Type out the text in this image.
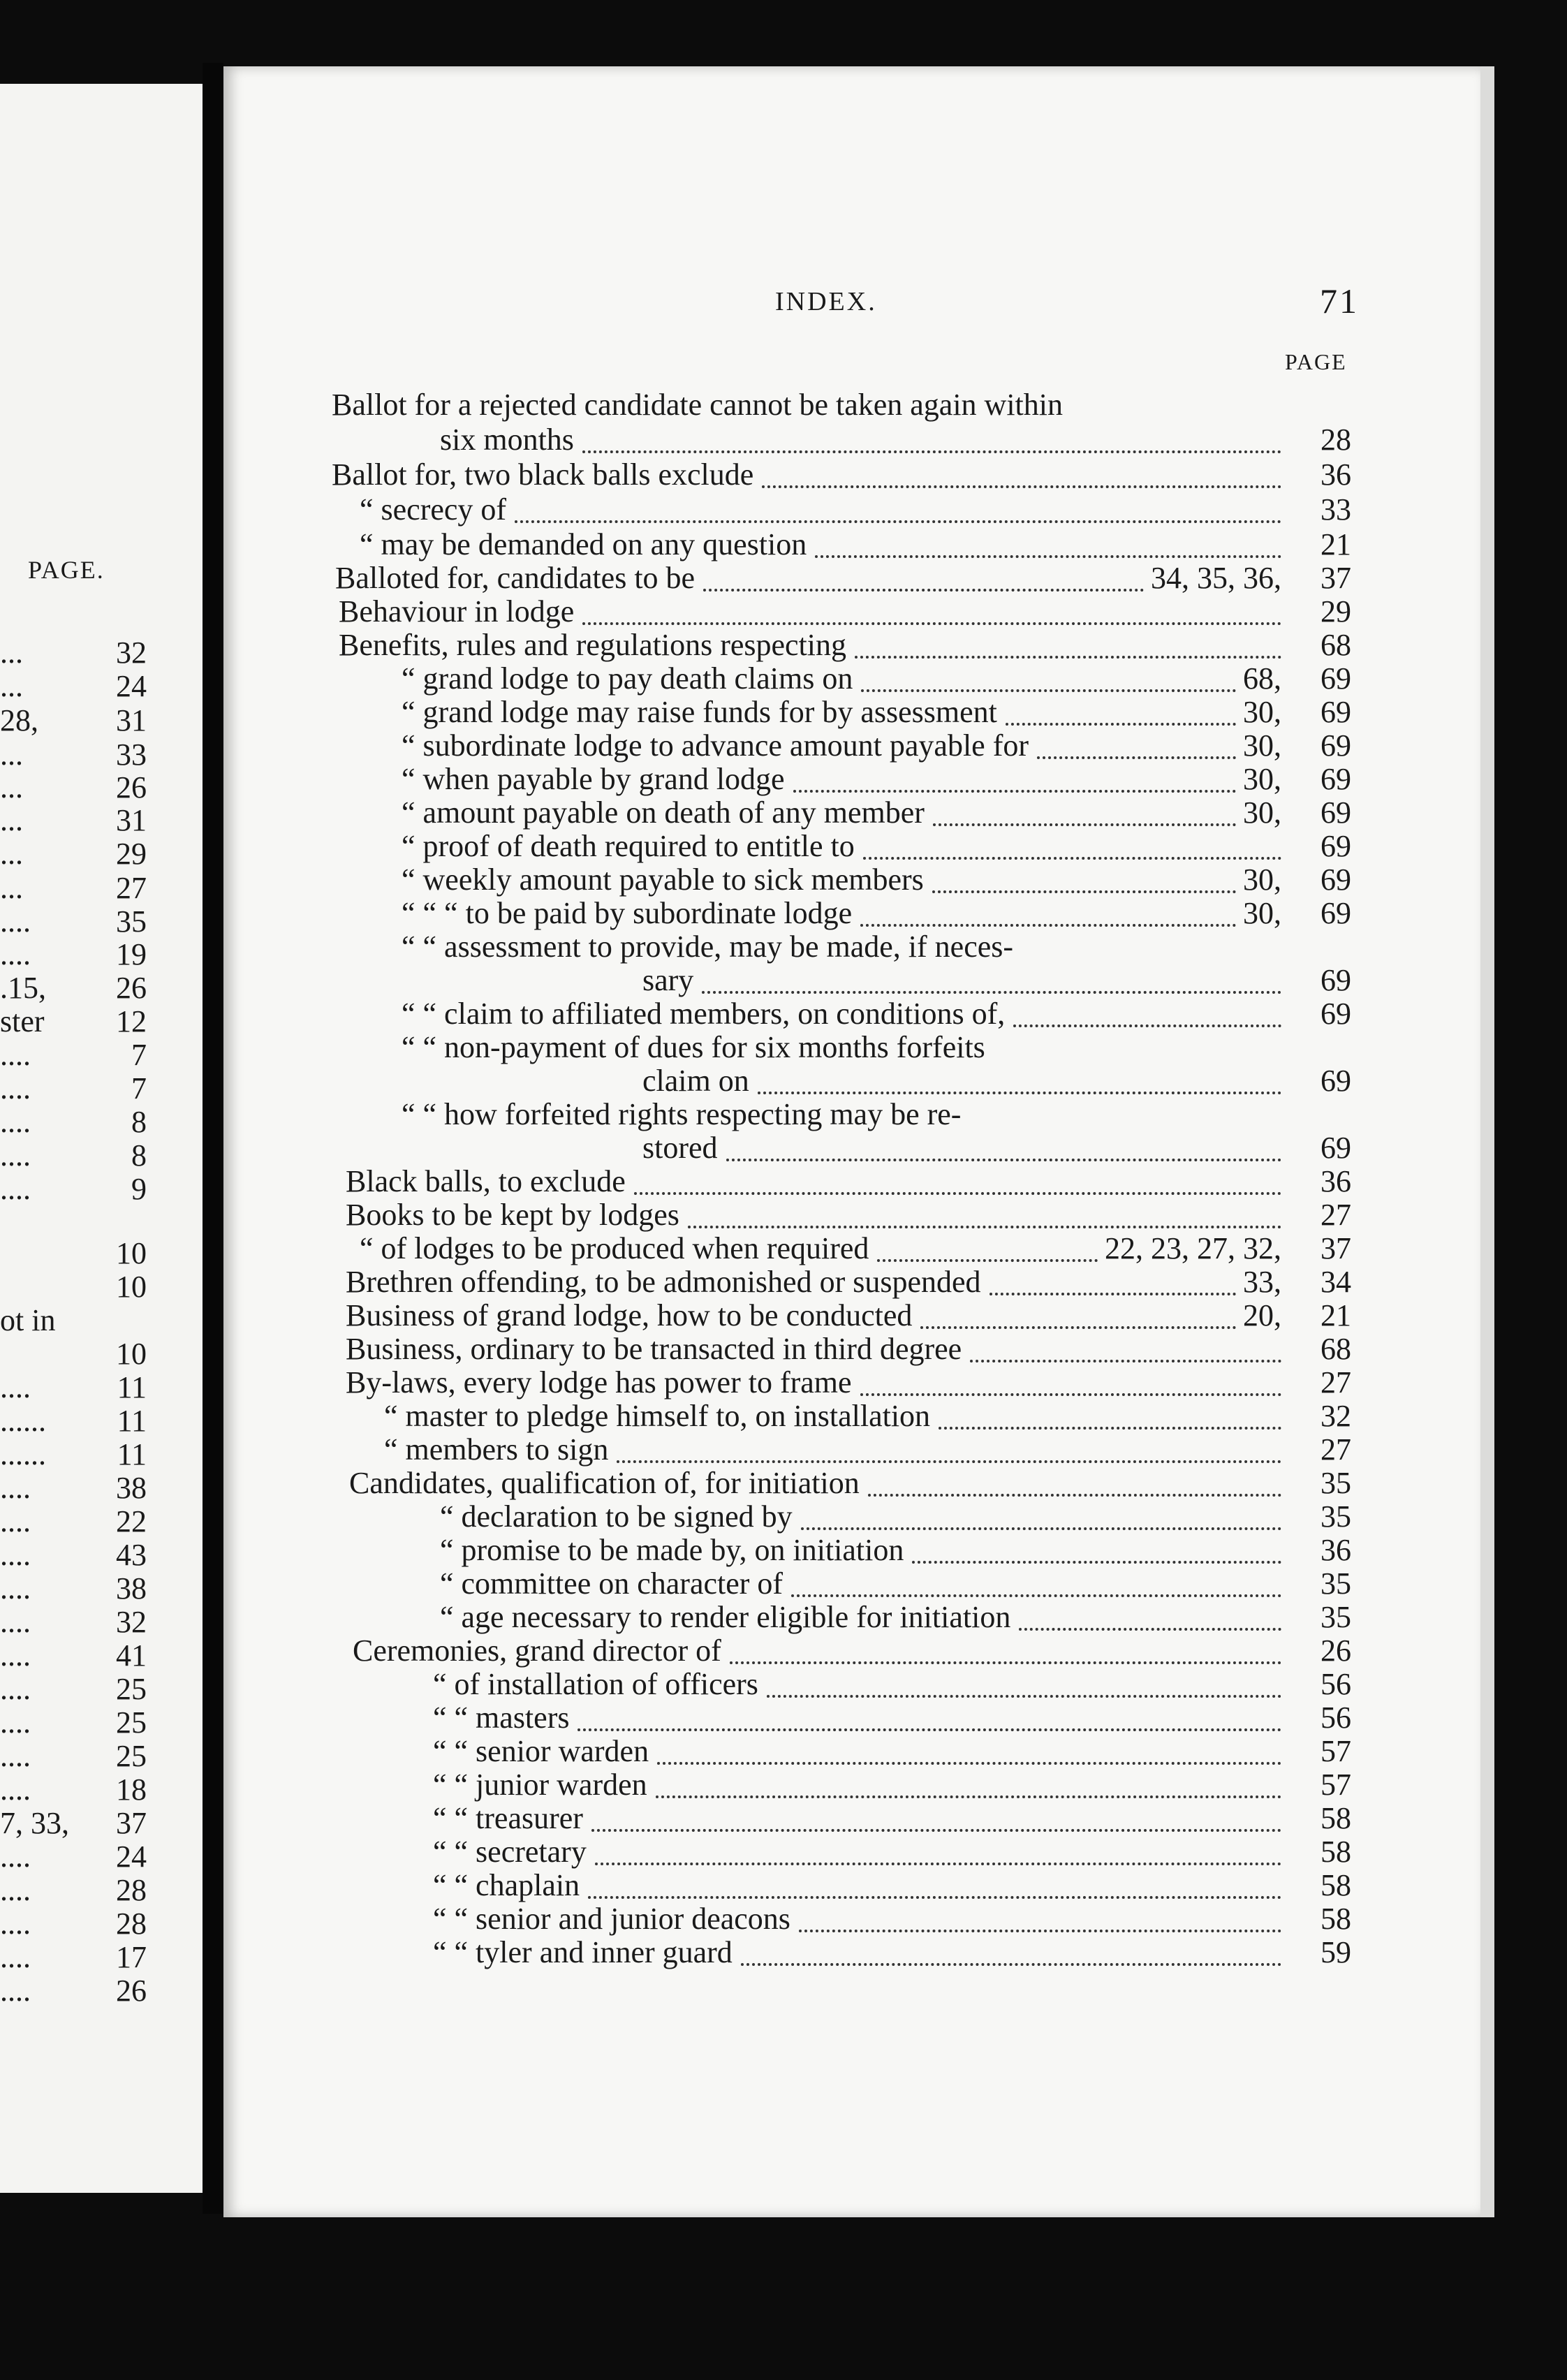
PAGE.
...	32
...	24
28,	31
...	33
...	26
...	31
...	29
...	27
....	35
....	19
.15, 26
ster 12
....	7
....	7
....	8
....	8
....	9
10
10
ot in
10
....	11
...... 11
...... 11
....	38
....	22
....	43
....	38
....	32
....	41
....	25
....	25
....	25
....	18
7, 33, 37
....	24
....	28
....	28
....	17
....	26
INDEX.	71
PAGE
Ballot for a rejected candidate cannot be taken again within
six months	28
Ballot for, two black balls exclude	36
“ secrecy of	33
“ may be demanded on any question	21
Balloted for, candidates to be	34, 35, 36,	37
Behaviour in lodge	29
Benefits, rules and regulations respecting	68
“ grand lodge to pay death claims on	68,	69
“ grand lodge may raise funds for by assessment	30,	69
“ subordinate lodge to advance amount payable for	30,	69
“ when payable by grand lodge	30,	69
“ amount payable on death of any member	30,	69
“ proof of death required to entitle to	69
“ weekly amount payable to sick members	30,	69
“ “ “ to be paid by subordinate lodge	30,	69
“ “ assessment to provide, may be made, if neces-
sary	69
“ “ claim to affiliated members, on conditions of,	69
“ “ non-payment of dues for six months forfeits
claim on	69
“ “ how forfeited rights respecting may be re-
stored	69
Black balls, to exclude	36
Books to be kept by lodges	27
“ of lodges to be produced when required	22, 23, 27, 32,	37
Brethren offending, to be admonished or suspended	33,	34
Business of grand lodge, how to be conducted	20,	21
Business, ordinary to be transacted in third degree	68
By-laws, every lodge has power to frame	27
“ master to pledge himself to, on installation	32
“ members to sign	27
Candidates, qualification of, for initiation	35
“ declaration to be signed by	35
“ promise to be made by, on initiation	36
“ committee on character of	35
“ age necessary to render eligible for initiation	35
Ceremonies, grand director of	26
“ of installation of officers	56
“ “ masters	56
“ “ senior warden	57
“ “ junior warden	57
“ “ treasurer	58
“ “ secretary	58
“ “ chaplain	58
“ “ senior and junior deacons	58
“ “ tyler and inner guard	59
